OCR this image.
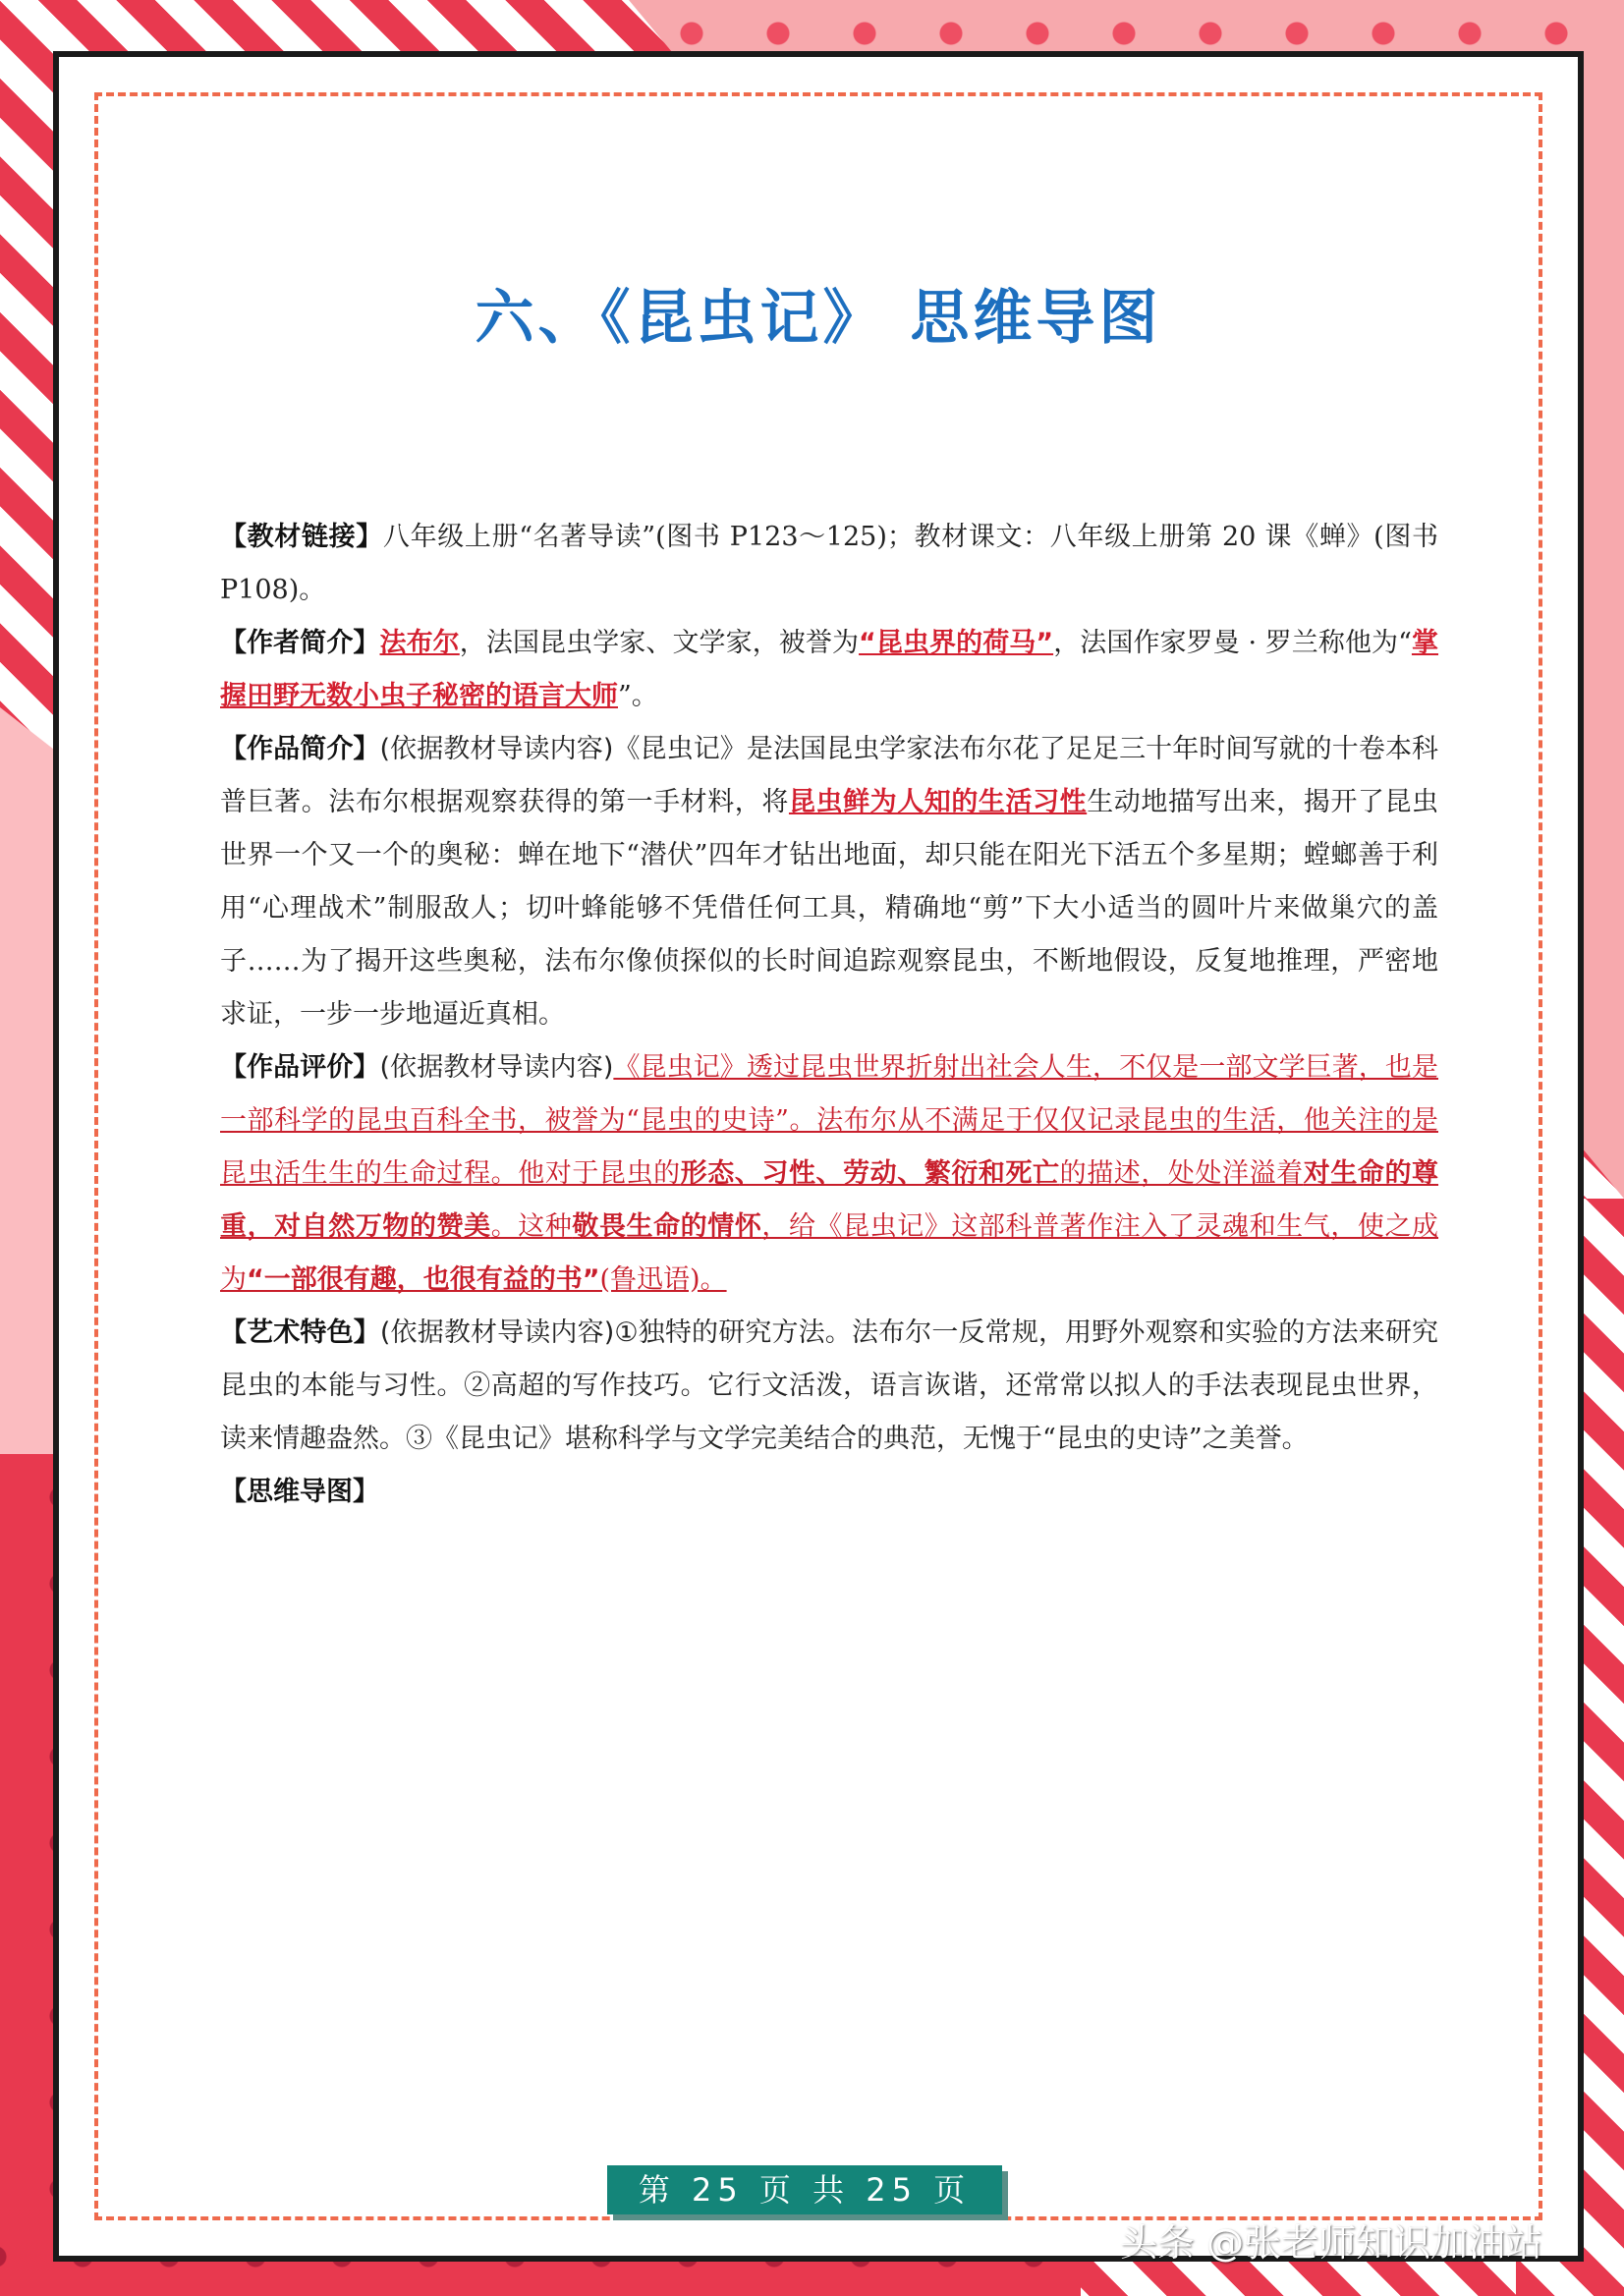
六、《昆虫记》 思维导图

【教材链接】八年级上册“名著导读”(图书 P123～125)；教材课文：八年级上册第 20 课《蝉》(图书 P108)。

【作者简介】法布尔，法国昆虫学家、文学家，被誉为“昆虫界的荷马”，法国作家罗曼 · 罗兰称他为“掌握田野无数小虫子秘密的语言大师”。

【作品简介】(依据教材导读内容)《昆虫记》是法国昆虫学家法布尔花了足足三十年时间写就的十卷本科普巨著。法布尔根据观察获得的第一手材料，将昆虫鲜为人知的生活习性生动地描写出来，揭开了昆虫世界一个又一个的奥秘：蝉在地下“潜伏”四年才钻出地面，却只能在阳光下活五个多星期；螳螂善于利用“心理战术”制服敌人；切叶蜂能够不凭借任何工具，精确地“剪”下大小适当的圆叶片来做巢穴的盖子……为了揭开这些奥秘，法布尔像侦探似的长时间追踪观察昆虫，不断地假设，反复地推理，严密地求证，一步一步地逼近真相。

【作品评价】(依据教材导读内容)《昆虫记》透过昆虫世界折射出社会人生，不仅是一部文学巨著，也是一部科学的昆虫百科全书，被誉为“昆虫的史诗”。法布尔从不满足于仅仅记录昆虫的生活，他关注的是昆虫活生生的生命过程。他对于昆虫的形态、习性、劳动、繁衍和死亡的描述，处处洋溢着对生命的尊重，对自然万物的赞美。这种敬畏生命的情怀，给《昆虫记》这部科普著作注入了灵魂和生气，使之成为“一部很有趣，也很有益的书”(鲁迅语)。

【艺术特色】(依据教材导读内容)①独特的研究方法。法布尔一反常规，用野外观察和实验的方法来研究昆虫的本能与习性。②高超的写作技巧。它行文活泼，语言诙谐，还常常以拟人的手法表现昆虫世界，读来情趣盎然。③《昆虫记》堪称科学与文学完美结合的典范，无愧于“昆虫的史诗”之美誉。

【思维导图】

第 25 页 共 25 页
头条 @张老师知识加油站
